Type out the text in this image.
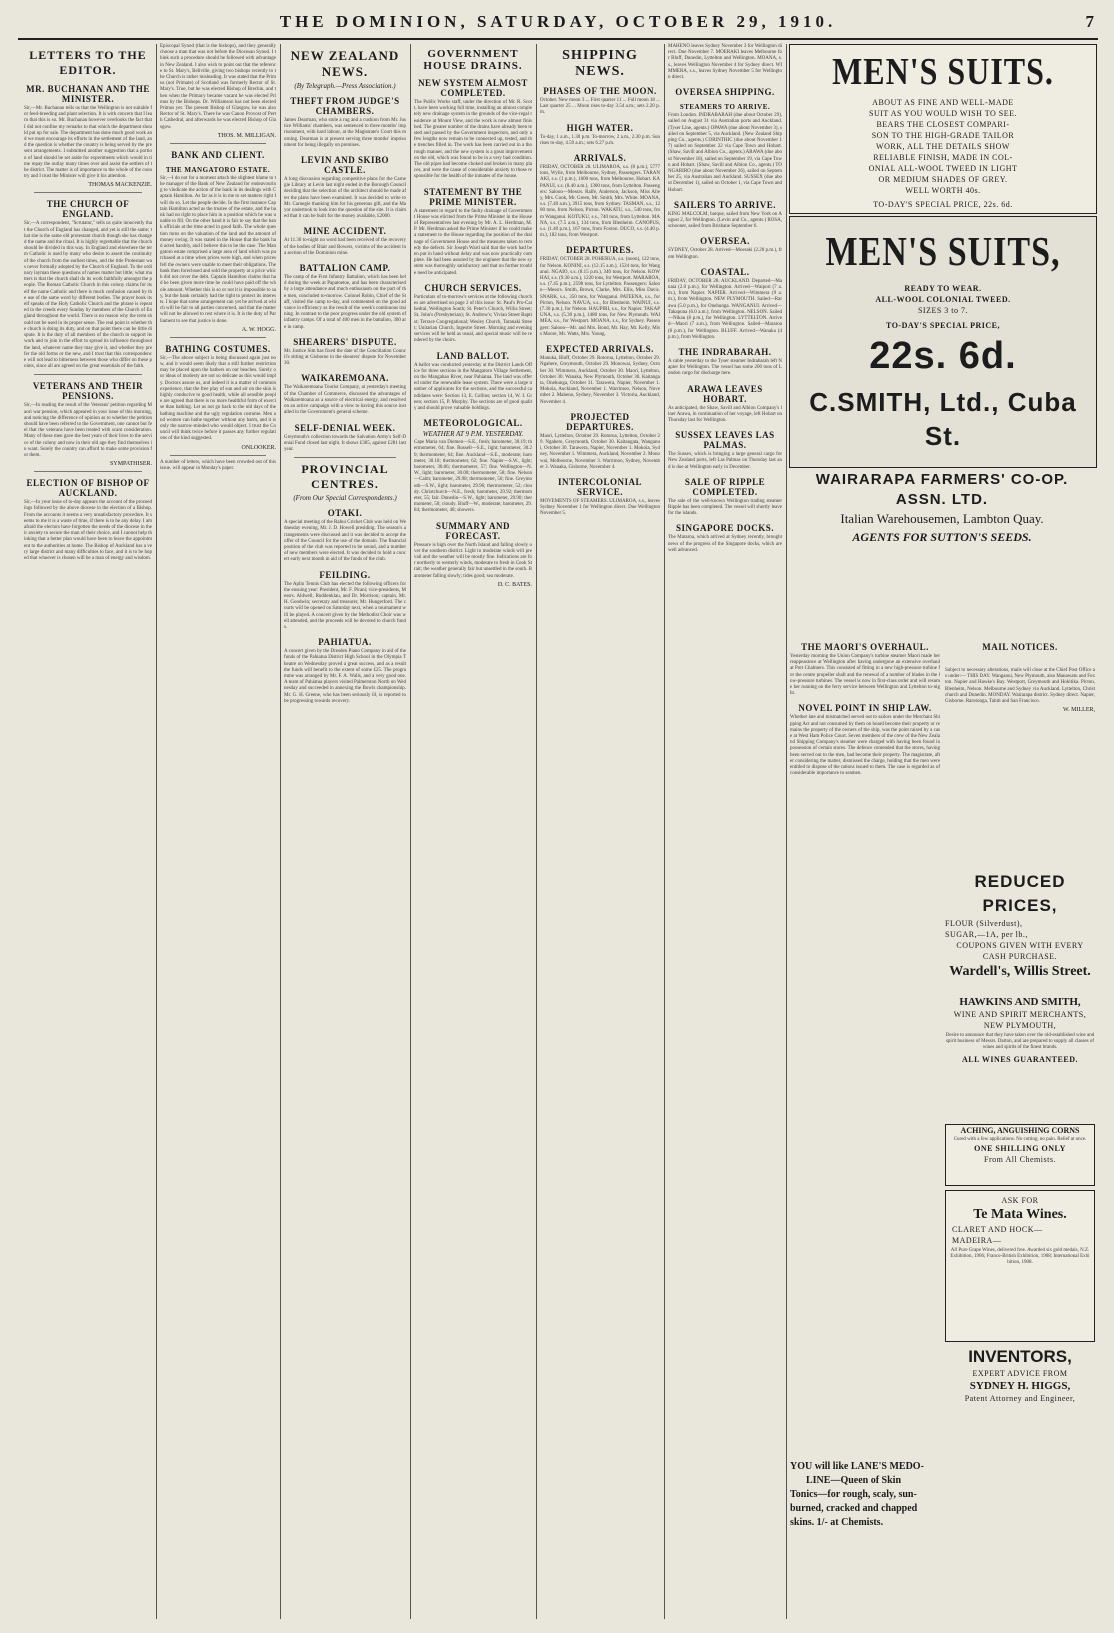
THE DOMINION, SATURDAY, OCTOBER 29, 1910.	7
LETTERS TO THE EDITOR.
MR. BUCHANAN AND THE MINISTER.
Sir,—Mr. Buchanan tells us that the Wellington is not suitable for feed-breeding and plant selection. It is with concern that I learn that this is so. Mr. Buchanan however overlooks the fact that I did not confine my remarks to that which the department should put up for sale. The department has done much good work and we must encourage its efforts in the settlement of the land, and the question is whether the country is being served by the present arrangements. I submitted another suggestion that a portion of land should be set aside for experiments which would in time repay the outlay many times over and assist the settlers of the district. The matter is of importance to the whole of the country and I trust the Minister will give it his attention.
THOMAS MACKENZIE.
THE CHURCH OF ENGLAND.
Sir,—A correspondent, "Scrutator," tells us quite innocently that the Church of England has changed, and yet is still the same; that she is the same old protestant church though she has changed the name and the ritual. It is highly regrettable that the church should be divided in this way. In England and elsewhere the term Catholic is used by many who desire to assert the continuity of the church from the earliest times, and the title Protestant was never formally adopted by the Church of England. To the ordinary layman these questions of names matter but little; what matters is that the church shall do its work faithfully amongst the people. The Roman Catholic Church in this colony claims for itself the name Catholic and there is much confusion caused by the use of the same word by different bodies. The prayer book itself speaks of the Holy Catholic Church and the phrase is repeated in the creeds every Sunday by members of the Church of England throughout the world. There is no reason why the term should not be used in its proper sense. The real point is whether the church is doing its duty, and on that point there can be little dispute. It is the duty of all members of the church to support its work and to join in the effort to spread its influence throughout the land, whatever name they may give it, and whether they prefer the old forms or the new, and I trust that this correspondence will not lead to bitterness between those who differ on these points, since all are agreed on the great essentials of the faith.
VETERANS AND THEIR PENSIONS.
Sir,—In reading the result of the Veterans' petition regarding Maori war pension, which appeared in your issue of this morning, and noticing the difference of opinion as to whether the petition should have been referred to the Government, one cannot but feel that the veterans have been treated with scant consideration. Many of these men gave the best years of their lives to the service of the colony and now in their old age they find themselves in want. Surely the country can afford to make some provision for them.
SYMPATHISER.
ELECTION OF BISHOP OF AUCKLAND.
Sir,—In your issue of to-day appears the account of the proceedings followed by the above diocese in the election of a Bishop. From the accounts it seems a very unsatisfactory procedure. It seems to me it is a waste of time, if there is to be any delay. I am afraid the electors have forgotten the needs of the diocese in their anxiety to secure the man of their choice, and I cannot help thinking that a better plan would have been to leave the appointment to the authorities at home. The Bishop of Auckland has a very large district and many difficulties to face, and it is to be hoped that whoever is chosen will be a man of energy and wisdom.
Episcopal Synod (that is the bishops), and they generally choose a man that was not before the Diocesan Synod. I think such a procedure should be followed with advantage in New Zealand. I also wish to point out that the reference to St. Mary's, Beliville, giving two bishops recently to the Church is rather misleading. It was stated that the Primus (not Primate) of Scotland was formerly Rector of St. Mary's. True, but he was elected Bishop of Brechin, and then when the Primacy became vacant he was elected Primus by the Bishops. Dr. Williamson has not been elected Primus yet. The present Bishop of Glasgow, he was also Rector of St. Mary's. There he was Canon Provost of Perth Cathedral, and afterwards he was elected Bishop of Glasgow.
THOS. M. MILLIGAN.
BANK AND CLIENT.
THE MANGATORO ESTATE.
Sir,—I do not for a moment attach the slightest blame to the manager of the Bank of New Zealand for endeavouring to vindicate the action of the bank in its dealings with Captain Hamilton. As far as it is in me to set matters right I will do so. Let the people decide. In the first instance Captain Hamilton acted as the trustee of the estate, and the bank had no right to place him in a position which he was unable to fill. On the other hand it is fair to say that the bank officials at the time acted in good faith. The whole question turns on the valuation of the land and the amount of money owing. It was stated in the House that the bank had acted harshly, and I believe this to be the case. The Mangatoro estate comprised a large area of land which was purchased at a time when prices were high, and when prices fell the owners were unable to meet their obligations. The bank then foreclosed and sold the property at a price which did not cover the debt. Captain Hamilton claims that had he been given more time he could have paid off the whole amount. Whether this is so or not it is impossible to say, but the bank certainly had the right to protect its interests. I hope that some arrangement can yet be arrived at which will be fair to all parties concerned, and that the matter will not be allowed to rest where it is. It is the duty of Parliament to see that justice is done.
A. W. HOGG.
BATHING COSTUMES.
Sir,—The above subject is being discussed again just now, and it would seem likely that a still further restriction may be placed upon the bathers on our beaches. Surely our ideas of modesty are not so delicate as this would imply. Doctors assure us, and indeed it is a matter of common experience, that the free play of sun and air on the skin is highly conducive to good health, while all sensible people are agreed that there is no more healthful form of exercise than bathing. Let us not go back to the old days of the bathing machine and the ugly regulation costume. Men and women can bathe together without any harm, and it is only the narrow-minded who would object. I trust the Council will think twice before it passes any further regulations of the kind suggested.
ONLOOKER.
A number of letters, which have been crowded out of this issue, will appear in Monday's paper.
NEW ZEALAND NEWS.
(By Telegraph.—Press Association.)
THEFT FROM JUDGE'S CHAMBERS.
James Dearman, who stole a rug and a cushion from Mr. Justice Williams' chambers, was sentenced to three months' imprisonment, with hard labour, at the Magistrate's Court this morning. Dearman is at present serving three months' imprisonment for being illegally on premises.
LEVIN AND SKIBO CASTLE.
A long discussion regarding competitive plans for the Carnegie Library at Levin last night ended in the Borough Council deciding that the selection of the architect should be made after the plans have been examined. It was decided to write to Mr. Carnegie thanking him for his generous gift, and the Mayor undertook to look into the question of the site. It is claimed that it can be built for the money available, £2000.
MINE ACCIDENT.
At 11.30 to-night no word had been received of the recovery of the bodies of Blair and Bowers, victims of the accident in a section of the Dominion mine.
BATTALION CAMP.
The camp of the First Infantry Battalion, which has been held during the week at Papatoetoe, and has been characterised by a large attendance and much enthusiasm on the part of the men, concluded to-morrow. Colonel Robin, Chief of the Staff, visited the camp to-day, and commented on the good advance in efficiency as the result of the week's continuous training. In contrast to the poor progress under the old system of infantry camps. Of a total of 400 men in the battalion, 300 are in camp.
SHEARERS' DISPUTE.
Mr. Justice Sim has fixed the date of the Conciliation Council's sitting at Gisborne in the shearers' dispute for November 30.
WAIKAREMOANA.
The Waikaremoana Tourist Company, at yesterday's meeting of the Chamber of Commerce, discussed the advantages of Waikaremoana as a source of electrical energy, and resolved on an active campaign with a view to having this source installed in the Government's general scheme.
SELF-DENIAL WEEK.
Greymouth's collection towards the Salvation Army's Self-Denial Fund closed last night. It shows £305, against £281 last year.
PROVINCIAL CENTRES.
(From Our Special Correspondents.)
OTAKI.
A special meeting of the Rahui Cricket Club was held on Wednesday evening, Mr. J. D. Howell presiding. The season's arrangements were discussed and it was decided to accept the offer of the Council for the use of the domain. The financial position of the club was reported to be sound, and a number of new members were elected. It was decided to hold a concert early next month in aid of the funds of the club.
FEILDING.
The Aplin Tennis Club has elected the following officers for the ensuing year: President, Mr. F. Pirani; vice-presidents, Messrs. Aldwell, Ruddenklau, and Dr. Morrison; captain, Mr. H. Goodwin; secretary and treasurer, Mr. Hungerford. The courts will be opened on Saturday next, when a tournament will be played. A concert given by the Methodist Choir was well attended, and the proceeds will be devoted to church funds.
PAHIATUA.
A concert given by the Dresden Piano Company in aid of the funds of the Pahiatua District High School in the Olympia Theatre on Wednesday proved a great success, and as a result the funds will benefit to the extent of some £25. The programme was arranged by Mr. F. A. Walls, and a very good one. A team of Pahiatua players visited Palmerston North on Wednesday and succeeded in annexing the Bowls championship. Mr. G. H. Greene, who has been seriously ill, is reported to be progressing towards recovery.
GOVERNMENT HOUSE DRAINS.
NEW SYSTEM ALMOST COMPLETED.
The Public Works staff, under the direction of Mr. R. Scott, have been working full time, installing an almost completely new drainage system in the grounds of the vice-regal residence at Mount View, and the work is now almost finished. The greater number of the drains have already been tested and passed by the Government inspectors, and only a few lengths now remain to be connected up, tested, and the trenches filled in. The work has been carried out in a thorough manner, and the new system is a great improvement on the old, which was found to be in a very bad condition. The old pipes had become choked and broken in many places, and were the cause of considerable anxiety to those responsible for the health of the inmates of the house.
STATEMENT BY THE PRIME MINISTER.
A statement in regard to the faulty drainage of Government House was elicited from the Prime Minister in the House of Representatives last evening by Mr. A. L. Herdman, M.P. Mr. Herdman asked the Prime Minister if he could make a statement to the House regarding the position of the drainage of Government House and the measures taken to remedy the defects. Sir Joseph Ward said that the work had been put in hand without delay and was now practically complete. He had been assured by the engineer that the new system was thoroughly satisfactory and that no further trouble need be anticipated.
CHURCH SERVICES.
Particulars of to-morrow's services at the following churches are advertised on page 2 of this issue: St. Paul's Pro-Cathedral, Wellington South; St. Peter's Church, Willis Street; St. John's (Presbyterian); St. Andrew's; Vivian Street Baptist; Terrace Congregational; Wesley Church, Taranaki Street; Unitarian Church, Ingestre Street. Morning and evening services will be held as usual, and special music will be rendered by the choirs.
LAND BALLOT.
A ballot was conducted yesterday at the District Lands Office for three sections in the Mangatoro Village Settlement, on the Mangahao River, near Pahiatua. The land was offered under the renewable lease system. There were a large number of applicants for the sections, and the successful candidates were: Section 13, E. Collins; section 14, W. J. Green; section 15, P. Murphy. The sections are of good quality and should prove valuable holdings.
METEOROLOGICAL.
WEATHER AT 9 P.M. YESTERDAY.
Cape Maria van Diemen—S.E., fresh; barometer, 30.19; thermometer, 64; fine. Russell—S.E., light; barometer, 30.20; thermometer, 64; fine. Auckland—S.E., moderate; barometer, 30.18; thermometer, 62; fine. Napier—S.W., light; barometer, 30.06; thermometer, 57; fine. Wellington—N.W., light; barometer, 30.00; thermometer, 58; fine. Nelson—Calm; barometer, 29.98; thermometer, 56; fine. Greymouth—S.W., light; barometer, 29.96; thermometer, 52; cloudy. Christchurch—N.E., fresh; barometer, 29.92; thermometer, 55; fair. Dunedin—S.W., light; barometer, 29.90; thermometer, 50; cloudy. Bluff—W., moderate; barometer, 29.84; thermometer, 48; showers.
SUMMARY AND FORECAST.
Pressure is high over the North Island and falling slowly over the southern district. Light to moderate winds will prevail and the weather will be mostly fine. Indications are for northerly to westerly winds, moderate to fresh in Cook Strait; the weather generally fair but unsettled in the south. Barometer falling slowly; tides good; sea moderate.
D. C. BATES.
SHIPPING NEWS.
PHASES OF THE MOON.
October. New moon 3 ... First quarter 11 ... Full moon 18 ... Last quarter 25 ... Moon rises to-day 3.54 a.m.; sets 2.20 p.m.
HIGH WATER.
To-day, 1 a.m., 1.30 p.m. To-morrow, 2 a.m., 2.30 p.m. Sun rises to-day, 4.59 a.m.; sets 6.27 p.m.
ARRIVALS.
FRIDAY, OCTOBER 28. ULIMAROA, s.s. (8 p.m.), 5777 tons, Wylie, from Melbourne, Sydney, Passengers. TARANAKI, s.s. (1 p.m.), 1600 tons, from Melbourne, Hobart. KAPANUI, s.s. (8.40 a.m.), 1300 tons, from Lyttelton. Passengers: Saloon—Messrs. Ralfe, Anderson, Jackson, Miss Alley, Mrs. Cook, Mr. Green, Mr. Smith, Mrs. White. MOANA, s.s. (7.40 a.m.), 3915 tons, from Sydney. TASMAN, s.s., 1200 tons, from Nelson, Picton. WAKATU, s.s., 540 tons, from Wanganui. KOTUKU, s.s., 740 tons, from Lyttelton. MANA, s.s. (7.5 a.m.), 134 tons, from Blenheim. CANOPUS, s.s. (1.40 p.m.), 167 tons, from Foxton. DUCO, s.s. (4.40 p.m.), 182 tons, from Westport.
DEPARTURES.
FRIDAY, OCTOBER 28. POHERUA, s.s. (noon), 122 tons, for Nelson. KONINI, s.s. (12.15 a.m.), 1524 tons, for Wanganui. NGAIO, s.s. (8.15 p.m.), 340 tons, for Nelson. KOWHAI, s.s. (9.30 a.m.), 1220 tons, for Westport. MARAROA, s.s. (7.45 p.m.), 2598 tons, for Lyttelton. Passengers: Saloon—Messrs. Smith, Brown, Clarke, Mrs. Ellis, Miss Davis. SNARK, s.s., 350 tons, for Wanganui. PATEENA, s.s., for Picton, Nelson. NAVUA, s.s., for Blenheim. WAINUI, s.s. (7.30 p.m.), for Nelson. HAUPIRI, s.s., for Napier. TAKAPUNA, s.s. (5.30 p.m.), 1480 tons, for New Plymouth. WAIMEA, s.s., for Westport. MOANA, s.s., for Sydney. Passengers: Saloon—Mr. and Mrs. Bond, Mr. Hay, Mr. Kelly, Miss Moore, Mr. Watts, Mrs. Young.
EXPECTED ARRIVALS.
Manuka, Bluff, October 29. Rotorua, Lyttelton, October 29. Ngahere, Greymouth, October 29. Monowai, Sydney, October 30. Wimmera, Auckland, October 30. Maori, Lyttelton, October 30. Wanaka, New Plymouth, October 30. Kaitangata, Onehunga, October 31. Tarawera, Napier, November 1. Mokoia, Auckland, November 1. Warrimoo, Nelson, November 2. Maheno, Sydney, November 3. Victoria, Auckland, November 4.
PROJECTED DEPARTURES.
Maori, Lyttelton, October 29. Rotorua, Lyttelton, October 29. Ngahere, Greymouth, October 30. Kaitangata, Wanganui, October 30. Tarawera, Napier, November 1. Mokoia, Sydney, November 1. Wimmera, Auckland, November 2. Monowai, Melbourne, November 3. Warrimoo, Sydney, November 3. Wanaka, Gisborne, November 4.
INTERCOLONIAL SERVICE.
MOVEMENTS OF STEAMERS. ULIMAROA, s.s., leaves Sydney November 1 for Wellington direct. Due Wellington November 5.
MAHENO leaves Sydney November 3 for Wellington direct. Due November 7. MOERAKI leaves Melbourne for Bluff, Dunedin, Lyttelton and Wellington. MOANA, s.s., leaves Wellington November 4 for Sydney direct. WIMMERA, s.s., leaves Sydney November 5 for Wellington direct.
OVERSEA SHIPPING.
STEAMERS TO ARRIVE.
From London. INDRABARAH (due about October 29), sailed on August 31 via Australian ports and Auckland. (Tyser Line, agents.) OPAWA (due about November 3), sailed on September 5, via Auckland. (New Zealand Shipping Co., agents.) CORINTHIC (due about November 17) sailed on September 22 via Cape Town and Hobart. (Shaw, Savill and Albion Co., agents.) ARAWA (due about November 18), sailed on September 19, via Cape Town and Hobart. (Shaw, Savill and Albion Co., agents.) TONGARIRO (due about November 26), sailed on September 25, via Australian and Auckland. SUSSEX (due about December 1), sailed on October 1, via Cape Town and Hobart.
SAILERS TO ARRIVE.
KING MALCOLM, barque, sailed from New York on August 2, for Wellington. (Levin and Co., agents.) ROSA, schooner, sailed from Brisbane September 6.
OVERSEA.
SYDNEY, October 28. Arrived—Moeraki (2.20 p.m.), from Wellington.
COASTAL.
FRIDAY, OCTOBER 28. AUCKLAND. Departed—Manaia (2.0 p.m.), for Wellington. Arrived—Waipori (7 a.m.), from Napier. NAPIER. Arrived—Wimmera (9 a.m.), from Wellington. NEW PLYMOUTH. Sailed—Rarawa (5.0 p.m.), for Onehunga. WANGANUI. Arrived—Takapuna (6.0 a.m.), from Wellington. NELSON. Sailed—Nikau (8 p.m.), for Wellington. LYTTELTON. Arrived—Maori (7 a.m.), from Wellington. Sailed—Mararoa (8 p.m.), for Wellington. BLUFF. Arrived—Wanaka (4 p.m.), from Wellington.
THE INDRABARAH.
A cable yesterday to the Tyser steamer Indrabarah left Napier for Wellington. The vessel has some 200 tons of London cargo for discharge here.
ARAWA LEAVES HOBART.
As anticipated, the Shaw, Savill and Albion Company's liner Arawa, in continuation of her voyage, left Hobart on Thursday last for Wellington.
SUSSEX LEAVES LAS PALMAS.
The Sussex, which is bringing a large general cargo for New Zealand ports, left Las Palmas on Thursday last and is due at Wellington early in December.
SALE OF RIPPLE COMPLETED.
The sale of the well-known Wellington trading steamer Ripple has been completed. The vessel will shortly leave for the islands.
SINGAPORE DOCKS.
The Mataroa, which arrived at Sydney recently, brought news of the progress of the Singapore docks, which are well advanced.
THE MAORI'S OVERHAUL.
Yesterday morning the Union Company's turbine steamer Maori made her reappearance at Wellington after having undergone an extensive overhaul at Port Chalmers. This consisted of fitting in a new high-pressure turbine for the centre propeller shaft and the renewal of a number of blades in the low-pressure turbines. The vessel is now in first-class order and will resume her running on the ferry service between Wellington and Lyttelton to-night.
NOVEL POINT IN SHIP LAW.
Whether late and mismatched served out to sailors under the Merchant Shipping Act and not consumed by them on board become their property or remains the property of the owners of the ship, was the point raised by a case at West Ham Police Court. Seven members of the crew of the New Zealand Shipping Company's steamer were charged with having been found in possession of certain stores. The defence contended that the stores, having been served out to the men, had become their property. The magistrate, after considering the matter, dismissed the charge, holding that the men were entitled to dispose of the rations issued to them. The case is regarded as of considerable importance to seamen.
MAIL NOTICES.
Subject to necessary alterations, mails will close at the Chief Post Office as under:— THIS DAY. Wanganui, New Plymouth, also Manawatu and Foxton. Napier and Hawke's Bay. Westport, Greymouth and Hokitika. Picton, Blenheim, Nelson. Melbourne and Sydney via Auckland. Lyttelton, Christchurch and Dunedin. MONDAY. Wairarapa district. Sydney direct. Napier, Gisborne. Rarotonga, Tahiti and San Francisco.
W. MILLER,
MEN'S SUITS.
ABOUT AS FINE AND WELL-MADE
SUIT AS YOU WOULD WISH TO SEE.
BEARS THE CLOSEST COMPARI-
SON TO THE HIGH-GRADE TAILOR
WORK, ALL THE DETAILS SHOW
RELIABLE FINISH, MADE IN COL-
ONIAL ALL-WOOL TWEED IN LIGHT
OR MEDIUM SHADES OF GREY.
WELL WORTH 40s.
TO-DAY'S SPECIAL PRICE, 22s. 6d.
MEN'S SUITS,
READY TO WEAR.
ALL-WOOL COLONIAL TWEED.
SIZES 3 to 7.
TO-DAY'S SPECIAL PRICE,
22s. 6d.
C.SMITH, Ltd., Cuba St.
WAIRARAPA FARMERS' CO-OP. ASSN. LTD.
Italian Warehousemen, Lambton Quay.
AGENTS FOR SUTTON'S SEEDS.
REDUCED PRICES,
FLOUR (Silverdust),
SUGAR,—1A, per lb.,
COUPONS GIVEN WITH EVERY CASH PURCHASE.
Wardell's, Willis Street.
HAWKINS AND SMITH,
WINE AND SPIRIT MERCHANTS,
NEW PLYMOUTH,
Desire to announce that they have taken over the old-established wine and spirit business of Messrs. Darton, and are prepared to supply all classes of wines and spirits of the finest brands.
ALL WINES GUARANTEED.
ACHING, ANGUISHING CORNS
Cured with a few applications. No cutting, no pain. Relief at once.
ONE SHILLING ONLY
From All Chemists.
ASK FOR
Te Mata Wines.
CLARET AND HOCK—
MADEIRA—
All Pure Grape Wines, delivered free. Awarded six gold medals, N.Z. Exhibition, 1906; Franco-British Exhibition, 1908; International Exhibition, 1908.
INVENTORS,
EXPERT ADVICE FROM
SYDNEY H. HIGGS,
Patent Attorney and Engineer,
YOU will like LANE'S MEDO-
LINE—Queen of Skin
Tonics—for rough, scaly, sun-
burned, cracked and chapped
skins. 1/- at Chemists.
